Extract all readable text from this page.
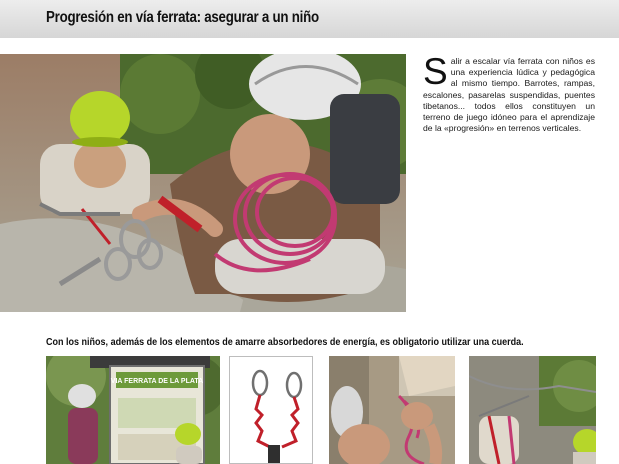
Progresión en vía ferrata: asegurar a un niño
Salir a escalar vía ferrata con niños es una experiencia lúdica y pedagógica al mismo tiempo. Barrotes, rampas, escalones, pasarelas suspendidas, puentes tibetanos... todos ellos constituyen un terreno de juego idóneo para el aprendizaje de la «progresión» en terrenos verticales.
Con los niños, además de los elementos de amarre absorbedores de energía, es obligatorio utilizar una cuerda.
VIA FERRATA DE LA PLATA
